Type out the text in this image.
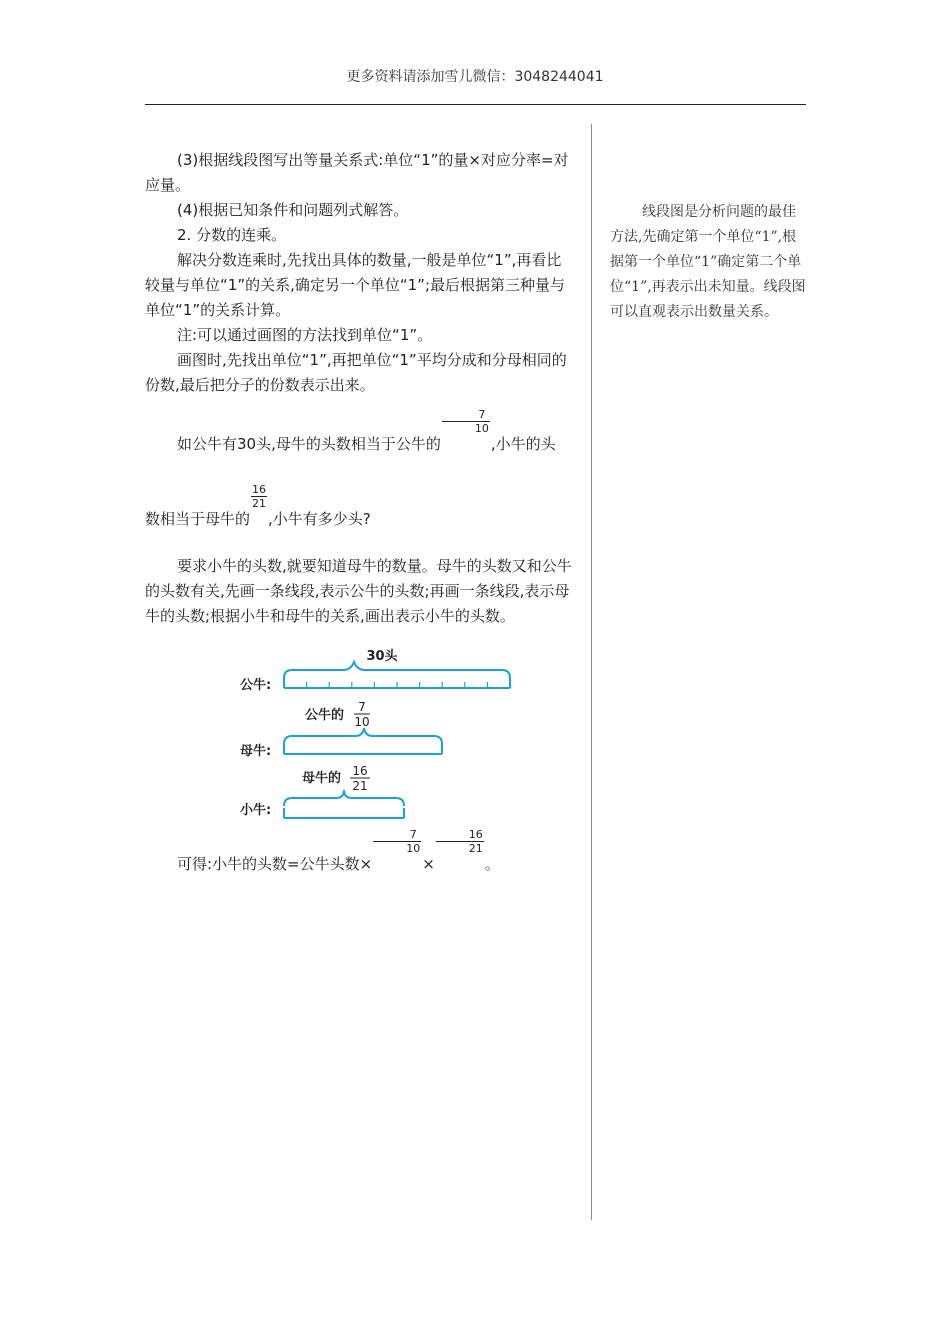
更多资料请添加雪儿微信：3048244041

(3)根据线段图写出等量关系式:单位“1”的量×对应分率=对应量。

(4)根据已知条件和问题列式解答。

2. 分数的连乘。

解决分数连乘时,先找出具体的数量,一般是单位“1”,再看比较量与单位“1”的关系,确定另一个单位“1”;最后根据第三种量与单位“1”的关系计算。

注:可以通过画图的方法找到单位“1”。

画图时,先找出单位“1”,再把单位“1”平均分成和分母相同的份数,最后把分子的份数表示出来。

如公牛有30头,母牛的头数相当于公牛的
$\frac{7}{10}$
,小牛的头

数相当于母牛的
$\frac{16}{21}$
,小牛有多少头?

要求小牛的头数,就要知道母牛的数量。母牛的头数又和公牛的头数有关,先画一条线段,表示公牛的头数;再画一条线段,表示母牛的头数;根据小牛和母牛的关系,画出表示小牛的头数。

30头
公牛:
公牛的
7
10
母牛:
母牛的 16
21
小牛:

可得:小牛的头数=公牛头数×
$\frac{7}{10}$
×
$\frac{16}{21}$
。

线段图是分析问题的最佳方法,先确定第一个单位“1”,根据第一个单位“1”确定第二个单位“1”,再表示出未知量。线段图可以直观表示出数量关系。
